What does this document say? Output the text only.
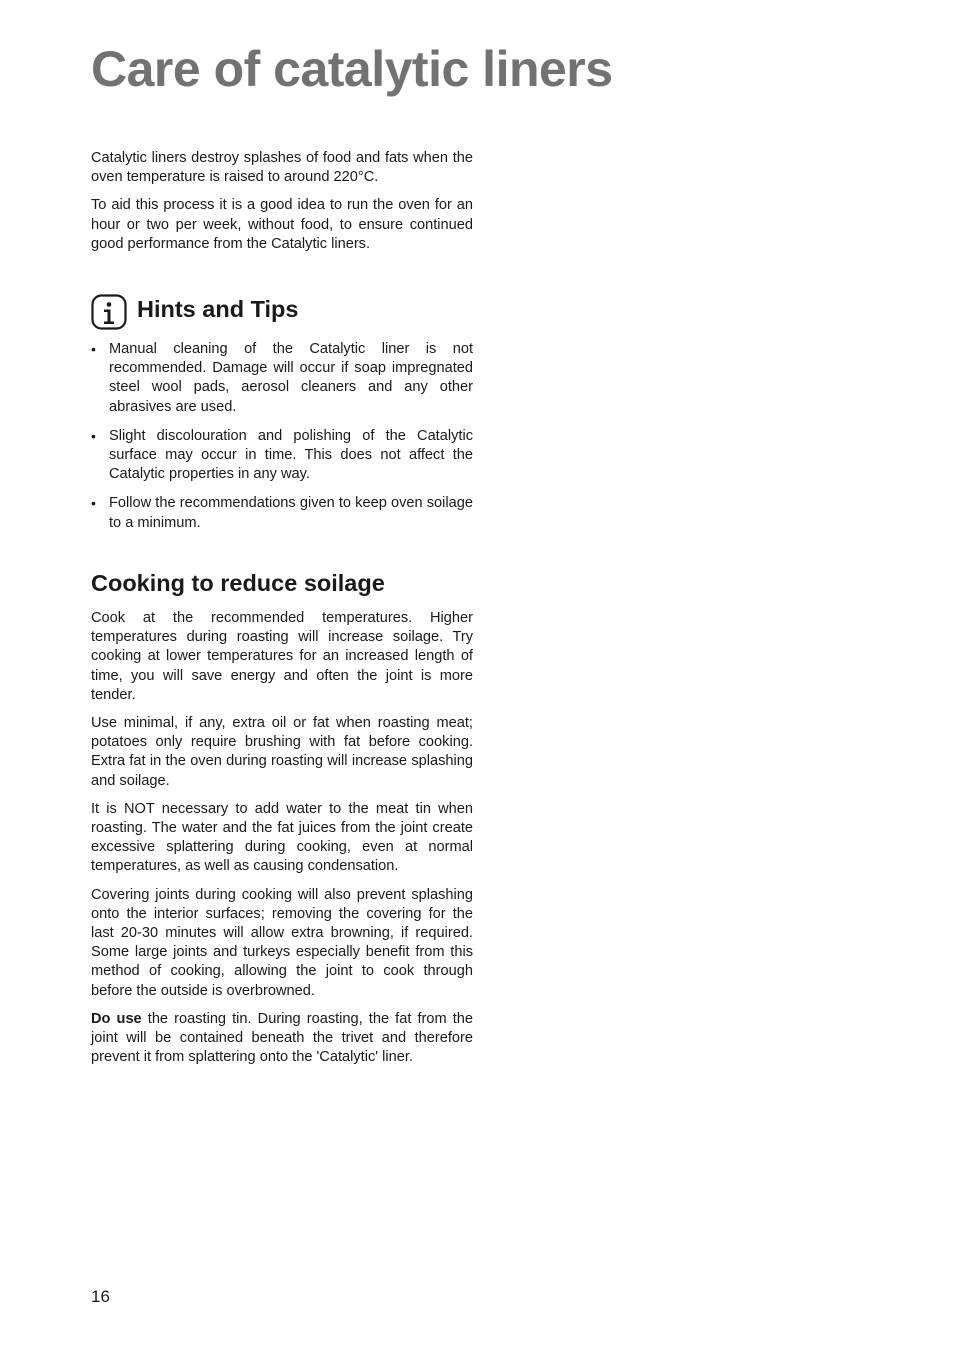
Care of catalytic liners

Catalytic liners destroy splashes of food and fats when the oven temperature is raised to around 220°C.

To aid this process it is a good idea to run the oven for an hour or two per week, without food, to ensure continued good performance from the Catalytic liners.

Hints and Tips
• Manual cleaning of the Catalytic liner is not recommended. Damage will occur if soap impregnated steel wool pads, aerosol cleaners and any other abrasives are used.
• Slight discolouration and polishing of the Catalytic surface may occur in time. This does not affect the Catalytic properties in any way.
• Follow the recommendations given to keep oven soilage to a minimum.
Cooking to reduce soilage

Cook at the recommended temperatures. Higher temperatures during roasting will increase soilage. Try cooking at lower temperatures for an increased length of time, you will save energy and often the joint is more tender.

Use minimal, if any, extra oil or fat when roasting meat; potatoes only require brushing with fat before cooking. Extra fat in the oven during roasting will increase splashing and soilage.

It is NOT necessary to add water to the meat tin when roasting. The water and the fat juices from the joint create excessive splattering during cooking, even at normal temperatures, as well as causing condensation.

Covering joints during cooking will also prevent splashing onto the interior surfaces; removing the covering for the last 20-30 minutes will allow extra browning, if required. Some large joints and turkeys especially benefit from this method of cooking, allowing the joint to cook through before the outside is overbrowned.

Do use the roasting tin. During roasting, the fat from the joint will be contained beneath the trivet and therefore prevent it from splattering onto the 'Catalytic' liner.

16
